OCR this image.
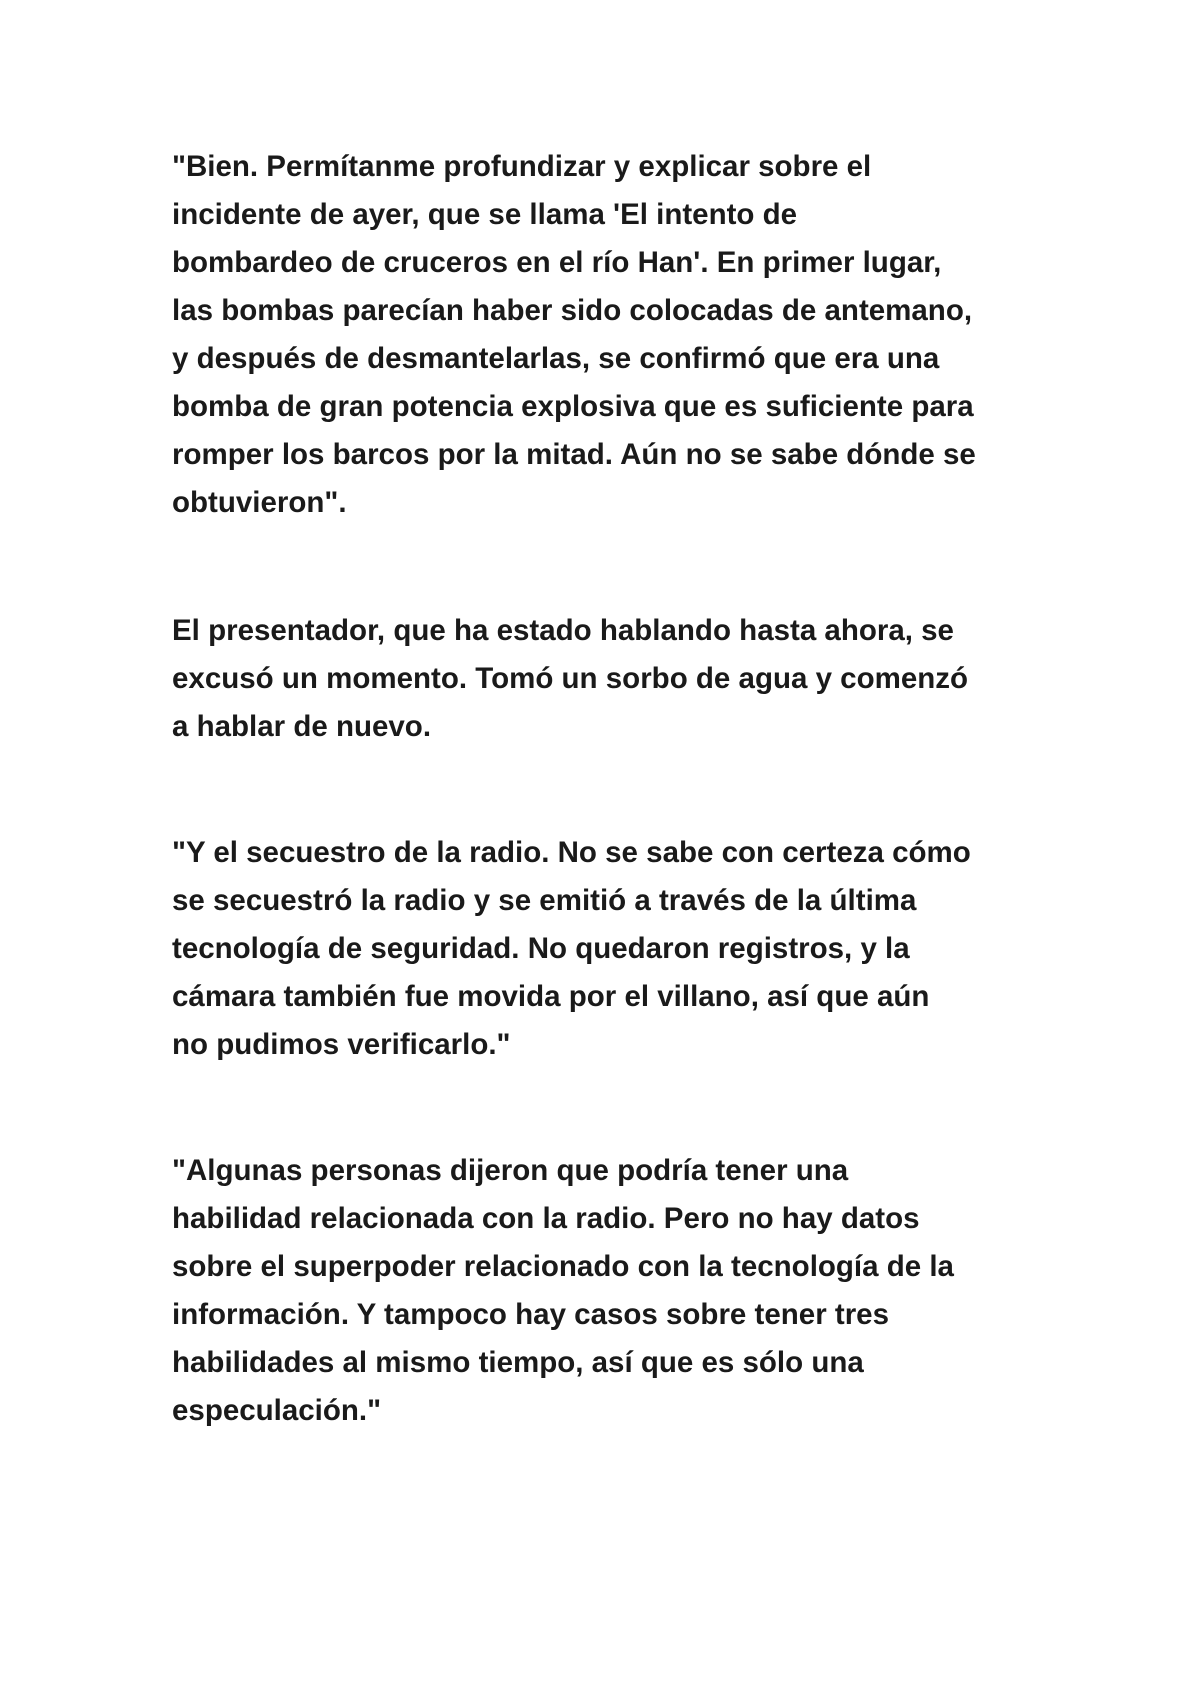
"Bien. Permítanme profundizar y explicar sobre el
incidente de ayer, que se llama 'El intento de
bombardeo de cruceros en el río Han'. En primer lugar,
las bombas parecían haber sido colocadas de antemano,
y después de desmantelarlas, se confirmó que era una
bomba de gran potencia explosiva que es suficiente para
romper los barcos por la mitad. Aún no se sabe dónde se
obtuvieron".

El presentador, que ha estado hablando hasta ahora, se
excusó un momento. Tomó un sorbo de agua y comenzó
a hablar de nuevo.

"Y el secuestro de la radio. No se sabe con certeza cómo
se secuestró la radio y se emitió a través de la última
tecnología de seguridad. No quedaron registros, y la
cámara también fue movida por el villano, así que aún
no pudimos verificarlo."

"Algunas personas dijeron que podría tener una
habilidad relacionada con la radio. Pero no hay datos
sobre el superpoder relacionado con la tecnología de la
información. Y tampoco hay casos sobre tener tres
habilidades al mismo tiempo, así que es sólo una
especulación."
